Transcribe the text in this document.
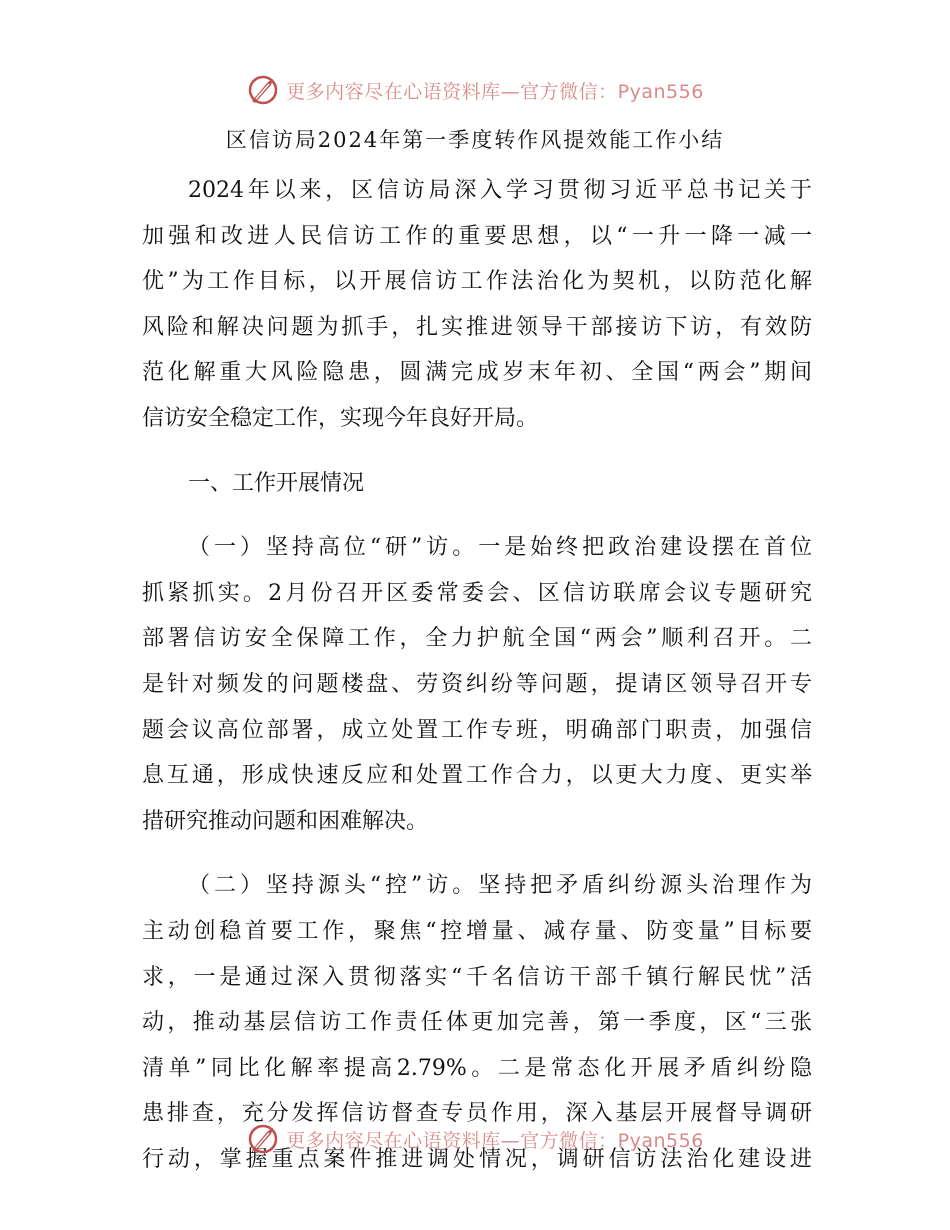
更多内容尽在心语资料库—官方微信：Pyan556
区信访局2024年第一季度转作风提效能工作小结
2024年以来，区信访局深入学习贯彻习近平总书记关于
加强和改进人民信访工作的重要思想，以“一升一降一减一
优”为工作目标，以开展信访工作法治化为契机，以防范化解
风险和解决问题为抓手，扎实推进领导干部接访下访，有效防
范化解重大风险隐患，圆满完成岁末年初、全国“两会”期间
信访安全稳定工作，实现今年良好开局。
一、工作开展情况
（一）坚持高位“研”访。一是始终把政治建设摆在首位
抓紧抓实。2月份召开区委常委会、区信访联席会议专题研究
部署信访安全保障工作，全力护航全国“两会”顺利召开。二
是针对频发的问题楼盘、劳资纠纷等问题，提请区领导召开专
题会议高位部署，成立处置工作专班，明确部门职责，加强信
息互通，形成快速反应和处置工作合力，以更大力度、更实举
措研究推动问题和困难解决。
（二）坚持源头“控”访。坚持把矛盾纠纷源头治理作为
主动创稳首要工作，聚焦“控增量、减存量、防变量”目标要
求，一是通过深入贯彻落实“千名信访干部千镇行解民忧”活
动，推动基层信访工作责任体更加完善，第一季度，区“三张
清单”同比化解率提高2.79%。二是常态化开展矛盾纠纷隐
患排查，充分发挥信访督查专员作用，深入基层开展督导调研
行动，掌握重点案件推进调处情况，调研信访法治化建设进
更多内容尽在心语资料库—官方微信：Pyan556
